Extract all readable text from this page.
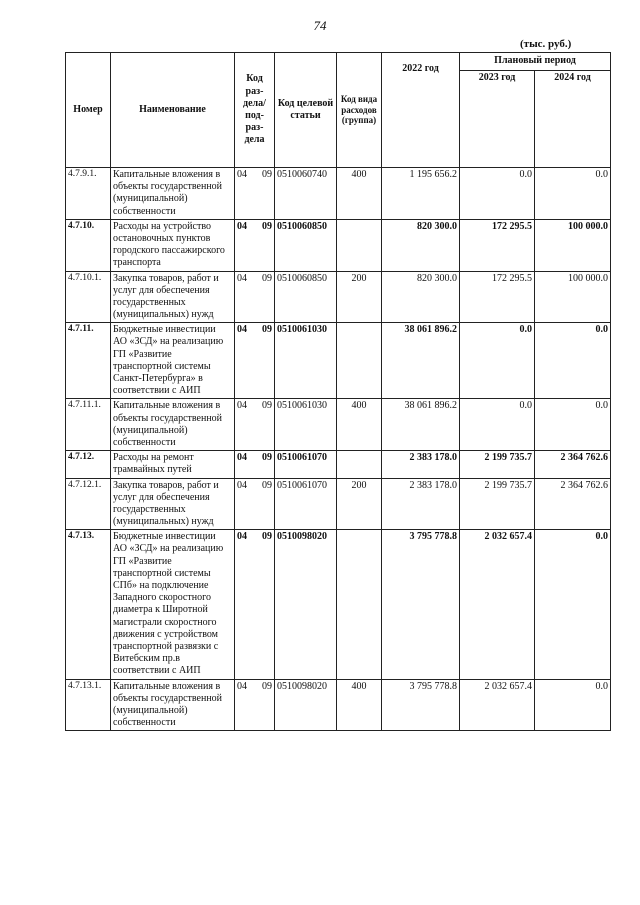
74
(тыс. руб.)
Номер	Наименование	Код раз-дела/ под-раз-дела	Код целевой статьи	Код вида расходов (группа)	2022 год	Плановый период	
						2023 год	2024 год
4.7.9.1.	Капитальные вложения в объекты государственной (муниципальной) собственности	04 09	0510060740	400	1 195 656.2	0.0	0.0
4.7.10.	Расходы на устройство остановочных пунктов городского пассажирского транспорта	04 09	0510060850		820 300.0	172 295.5	100 000.0
4.7.10.1.	Закупка товаров, работ и услуг для обеспечения государственных (муниципальных) нужд	04 09	0510060850	200	820 300.0	172 295.5	100 000.0
4.7.11.	Бюджетные инвестиции АО «ЗСД» на реализацию ГП «Развитие транспортной системы Санкт-Петербурга» в соответствии с АИП	04 09	0510061030		38 061 896.2	0.0	0.0
4.7.11.1.	Капитальные вложения в объекты государственной (муниципальной) собственности	04 09	0510061030	400	38 061 896.2	0.0	0.0
4.7.12.	Расходы на ремонт трамвайных путей	04 09	0510061070		2 383 178.0	2 199 735.7	2 364 762.6
4.7.12.1.	Закупка товаров, работ и услуг для обеспечения государственных (муниципальных) нужд	04 09	0510061070	200	2 383 178.0	2 199 735.7	2 364 762.6
4.7.13.	Бюджетные инвестиции АО «ЗСД» на реализацию ГП «Развитие транспортной системы СПб» на подключение Западного скоростного диаметра к Широтной магистрали скоростного движения с устройством транспортной развязки с Витебским пр.в соответствии с АИП	04 09	0510098020		3 795 778.8	2 032 657.4	0.0
4.7.13.1.	Капитальные вложения в объекты государственной (муниципальной) собственности	04 09	0510098020	400	3 795 778.8	2 032 657.4	0.0
